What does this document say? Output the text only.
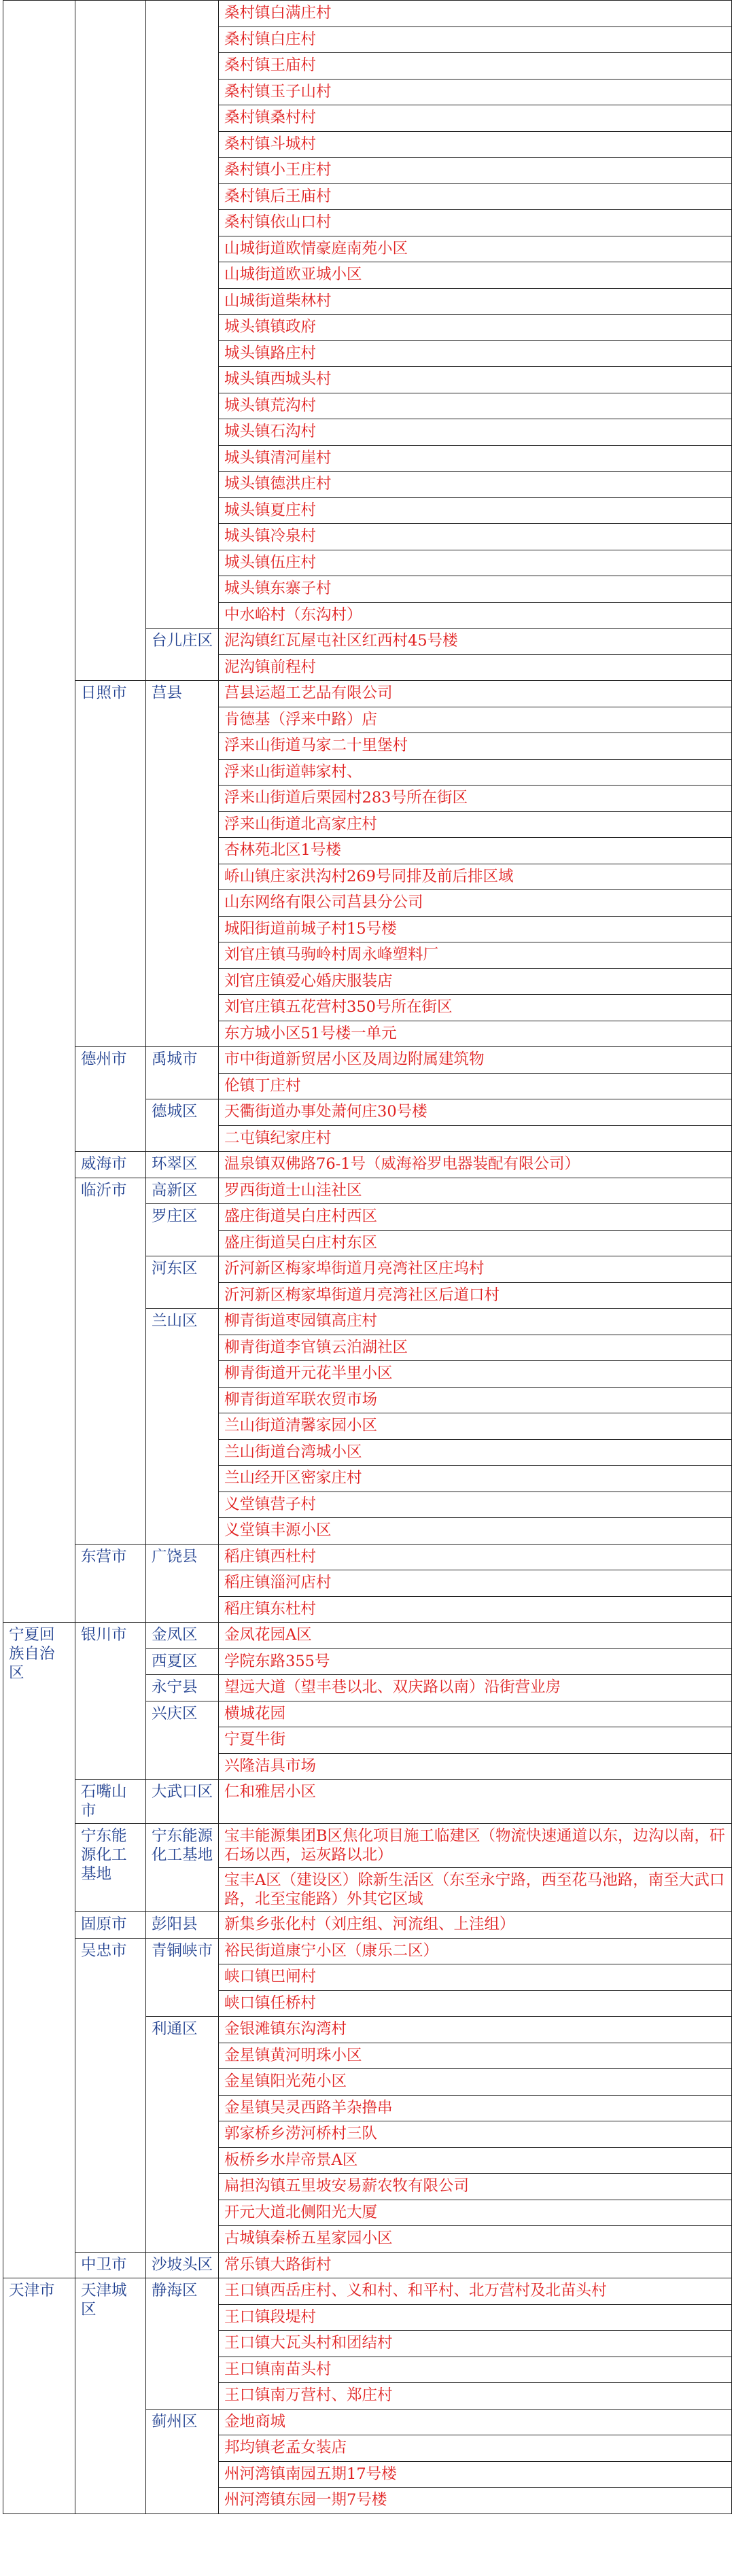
			桑村镇白满庄村
			桑村镇白庄村
			桑村镇王庙村
			桑村镇玉子山村
			桑村镇桑村村
			桑村镇斗城村
			桑村镇小王庄村
			桑村镇后王庙村
			桑村镇依山口村
			山城街道欧情豪庭南苑小区
			山城街道欧亚城小区
			山城街道柴林村
			城头镇镇政府
			城头镇路庄村
			城头镇西城头村
			城头镇荒沟村
			城头镇石沟村
			城头镇清河崖村
			城头镇德洪庄村
			城头镇夏庄村
			城头镇冷泉村
			城头镇伍庄村
			城头镇东寨子村
			中水峪村（东沟村）
		台儿庄区	泥沟镇红瓦屋屯社区红西村45号楼
			泥沟镇前程村
	日照市	莒县	莒县运超工艺品有限公司
			肯德基（浮来中路）店
			浮来山街道马家二十里堡村
			浮来山街道韩家村、
			浮来山街道后栗园村283号所在街区
			浮来山街道北高家庄村
			杏林苑北区1号楼
			峤山镇庄家洪沟村269号同排及前后排区域
			山东网络有限公司莒县分公司
			城阳街道前城子村15号楼
			刘官庄镇马驹岭村周永峰塑料厂
			刘官庄镇爱心婚庆服装店
			刘官庄镇五花营村350号所在街区
			东方城小区51号楼一单元
	德州市	禹城市	市中街道新贸居小区及周边附属建筑物
			伦镇丁庄村
		德城区	天衢街道办事处萧何庄30号楼
			二屯镇纪家庄村
	威海市	环翠区	温泉镇双佛路76-1号（威海裕罗电器装配有限公司）
	临沂市	高新区	罗西街道士山洼社区
		罗庄区	盛庄街道吴白庄村西区
			盛庄街道吴白庄村东区
		河东区	沂河新区梅家埠街道月亮湾社区庄坞村
			沂河新区梅家埠街道月亮湾社区后道口村
		兰山区	柳青街道枣园镇高庄村
			柳青街道李官镇云泊湖社区
			柳青街道开元花半里小区
			柳青街道军联农贸市场
			兰山街道清馨家园小区
			兰山街道台湾城小区
			兰山经开区密家庄村
			义堂镇营子村
			义堂镇丰源小区
	东营市	广饶县	稻庄镇西杜村
			稻庄镇淄河店村
			稻庄镇东杜村
宁夏回族自治区	银川市	金凤区	金凤花园A区
		西夏区	学院东路355号
		永宁县	望远大道（望丰巷以北、双庆路以南）沿街营业房
		兴庆区	横城花园
			宁夏牛街
			兴隆洁具市场
	石嘴山市	大武口区	仁和雅居小区
	宁东能源化工基地	宁东能源化工基地	宝丰能源集团B区焦化项目施工临建区（物流快速通道以东，边沟以南，矸石场以西，运灰路以北）
			宝丰A区（建设区）除新生活区（东至永宁路，西至花马池路，南至大武口路，北至宝能路）外其它区域
	固原市	彭阳县	新集乡张化村（刘庄组、河流组、上洼组）
	吴忠市	青铜峡市	裕民街道康宁小区（康乐二区）
			峡口镇巴闸村
			峡口镇任桥村
		利通区	金银滩镇东沟湾村
			金星镇黄河明珠小区
			金星镇阳光苑小区
			金星镇吴灵西路羊杂撸串
			郭家桥乡涝河桥村三队
			板桥乡水岸帝景A区
			扁担沟镇五里坡安易薪农牧有限公司
			开元大道北侧阳光大厦
			古城镇秦桥五星家园小区
	中卫市	沙坡头区	常乐镇大路街村
天津市	天津城区	静海区	王口镇西岳庄村、义和村、和平村、北万营村及北苗头村
			王口镇段堤村
			王口镇大瓦头村和团结村
			王口镇南苗头村
			王口镇南万营村、郑庄村
		蓟州区	金地商城
			邦均镇老孟女装店
			州河湾镇南园五期17号楼
			州河湾镇东园一期7号楼
